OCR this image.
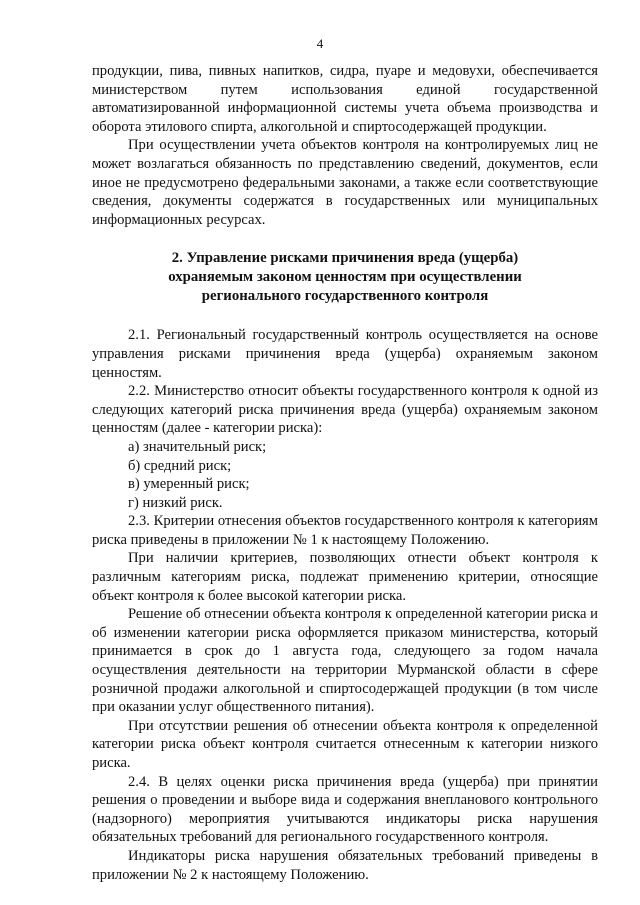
4

продукции, пива, пивных напитков, сидра, пуаре и медовухи, обеспечивается министерством путем использования единой государственной автоматизированной информационной системы учета объема производства и оборота этилового спирта, алкогольной и спиртосодержащей продукции.

При осуществлении учета объектов контроля на контролируемых лиц не может возлагаться обязанность по представлению сведений, документов, если иное не предусмотрено федеральными законами, а также если соответствующие сведения, документы содержатся в государственных или муниципальных информационных ресурсах.

2. Управление рисками причинения вреда (ущерба)
охраняемым законом ценностям при осуществлении
регионального государственного контроля

2.1. Региональный государственный контроль осуществляется на основе управления рисками причинения вреда (ущерба) охраняемым законом ценностям.

2.2. Министерство относит объекты государственного контроля к одной из следующих категорий риска причинения вреда (ущерба) охраняемым законом ценностям (далее - категории риска):

а) значительный риск;

б) средний риск;

в) умеренный риск;

г) низкий риск.

2.3. Критерии отнесения объектов государственного контроля к категориям риска приведены в приложении № 1 к настоящему Положению.

При наличии критериев, позволяющих отнести объект контроля к различным категориям риска, подлежат применению критерии, относящие объект контроля к более высокой категории риска.

Решение об отнесении объекта контроля к определенной категории риска и об изменении категории риска оформляется приказом министерства, который принимается в срок до 1 августа года, следующего за годом начала осуществления деятельности на территории Мурманской области в сфере розничной продажи алкогольной и спиртосодержащей продукции (в том числе при оказании услуг общественного питания).

При отсутствии решения об отнесении объекта контроля к определенной категории риска объект контроля считается отнесенным к категории низкого риска.

2.4. В целях оценки риска причинения вреда (ущерба) при принятии решения о проведении и выборе вида и содержания внепланового контрольного (надзорного) мероприятия учитываются индикаторы риска нарушения обязательных требований для регионального государственного контроля.

Индикаторы риска нарушения обязательных требований приведены в приложении № 2 к настоящему Положению.
